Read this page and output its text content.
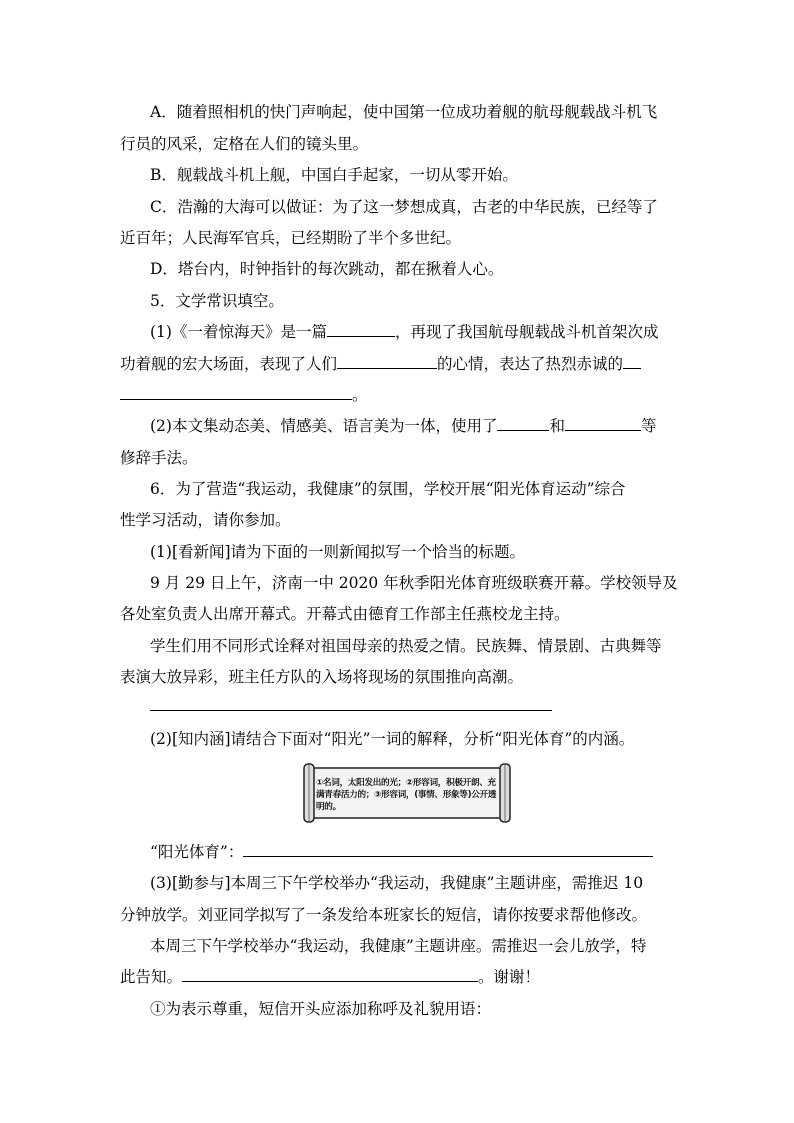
A．随着照相机的快门声响起，使中国第一位成功着舰的航母舰载战斗机飞
行员的风采，定格在人们的镜头里。
B．舰载战斗机上舰，中国白手起家，一切从零开始。
C．浩瀚的大海可以做证：为了这一梦想成真，古老的中华民族，已经等了
近百年；人民海军官兵，已经期盼了半个多世纪。
D．塔台内，时钟指针的每次跳动，都在揪着人心。
5．文学常识填空。
(1)《一着惊海天》是一篇	，再现了我国航母舰载战斗机首架次成
功着舰的宏大场面，表现了人们	的心情，表达了热烈赤诚的
。
(2)本文集动态美、情感美、语言美为一体，使用了	和	等
修辞手法。
6．为了营造“我运动，我健康”的氛围，学校开展“阳光体育运动”综合
性学习活动，请你参加。
(1)[看新闻]请为下面的一则新闻拟写一个恰当的标题。
9 月 29 日上午，济南一中 2020 年秋季阳光体育班级联赛开幕。学校领导及
各处室负责人出席开幕式。开幕式由德育工作部主任燕校龙主持。
学生们用不同形式诠释对祖国母亲的热爱之情。民族舞、情景剧、古典舞等
表演大放异彩，班主任方队的入场将现场的氛围推向高潮。
(2)[知内涵]请结合下面对“阳光”一词的解释，分析“阳光体育”的内涵。
①名词，太阳发出的光；②形容词，积极开朗、充满青春活力的；③形容词，(事情、形象等)公开透明的。
“阳光体育”：
(3)[勤参与]本周三下午学校举办“我运动，我健康”主题讲座，需推迟 10
分钟放学。刘亚同学拟写了一条发给本班家长的短信，请你按要求帮他修改。
本周三下午学校举办“我运动，我健康”主题讲座。需推迟一会儿放学，特
此告知。	。谢谢！
①为表示尊重，短信开头应添加称呼及礼貌用语：
